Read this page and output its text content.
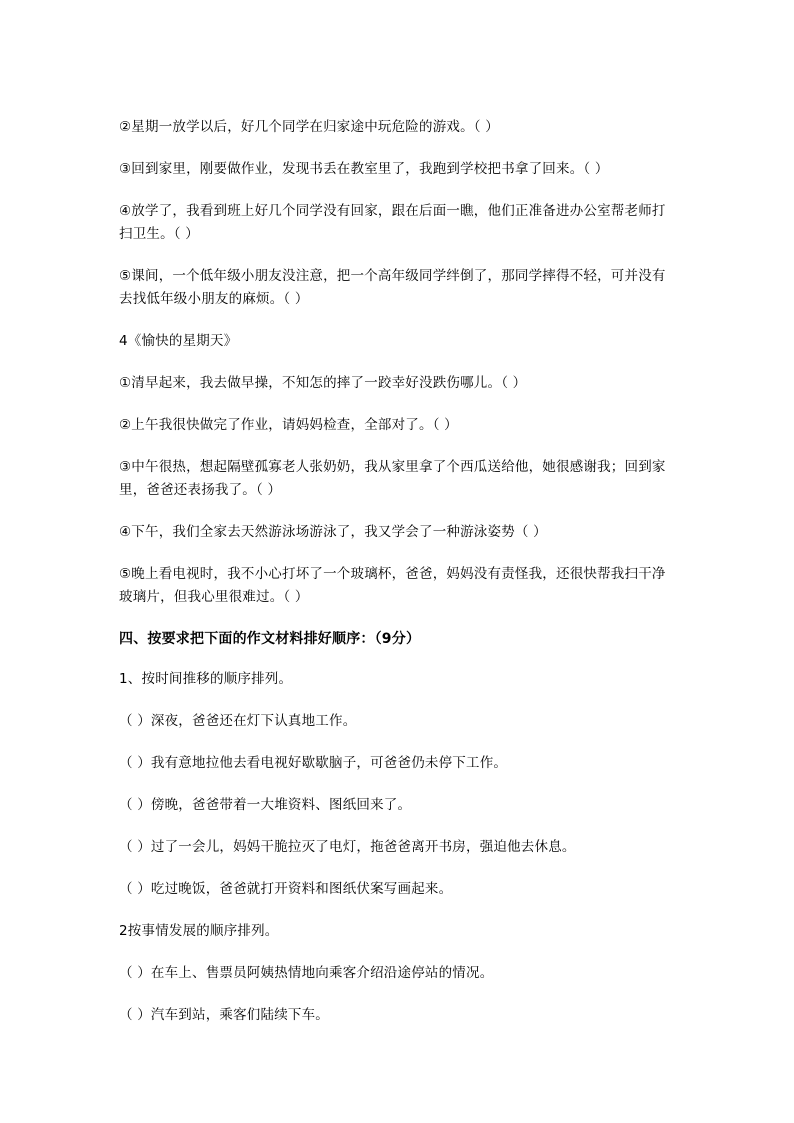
②星期一放学以后，好几个同学在归家途中玩危险的游戏。（ ）

③回到家里，刚要做作业，发现书丢在教室里了，我跑到学校把书拿了回来。（ ）

④放学了，我看到班上好几个同学没有回家，跟在后面一瞧，他们正准备进办公室帮老师打扫卫生。（ ）

⑤课间，一个低年级小朋友没注意，把一个高年级同学绊倒了，那同学摔得不轻，可并没有去找低年级小朋友的麻烦。（ ）

4《愉快的星期天》

①清早起来，我去做早操，不知怎的摔了一跤幸好没跌伤哪儿。（ ）

②上午我很快做完了作业，请妈妈检查，全部对了。（ ）

③中午很热，想起隔壁孤寡老人张奶奶，我从家里拿了个西瓜送给他，她很感谢我；回到家里，爸爸还表扬我了。（ ）

④下午，我们全家去天然游泳场游泳了，我又学会了一种游泳姿势（ ）

⑤晚上看电视时，我不小心打坏了一个玻璃杯，爸爸，妈妈没有责怪我，还很快帮我扫干净玻璃片，但我心里很难过。（ ）

四、按要求把下面的作文材料排好顺序：（9分）

1、按时间推移的顺序排列。

（ ）深夜，爸爸还在灯下认真地工作。

（ ）我有意地拉他去看电视好歇歇脑子，可爸爸仍未停下工作。

（ ）傍晚，爸爸带着一大堆资料、图纸回来了。

（ ）过了一会儿，妈妈干脆拉灭了电灯，拖爸爸离开书房，强迫他去休息。

（ ）吃过晚饭，爸爸就打开资料和图纸伏案写画起来。

2按事情发展的顺序排列。

（ ）在车上、售票员阿姨热情地向乘客介绍沿途停站的情况。

（ ）汽车到站，乘客们陆续下车。
